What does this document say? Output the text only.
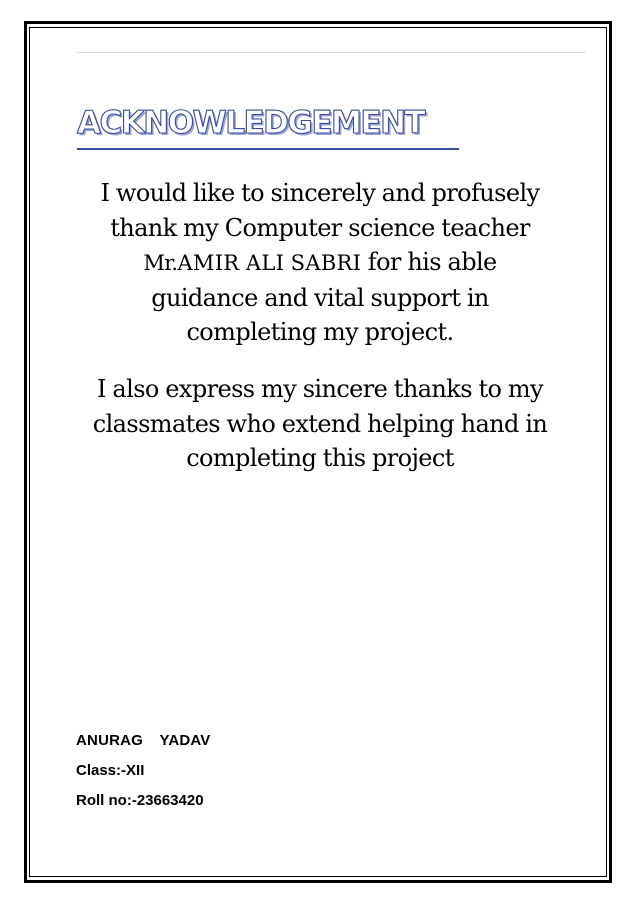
ACKNOWLEDGEMENT

I would like to sincerely and profusely
thank my Computer science teacher
Mr.AMIR ALI SABRI for his able
guidance and vital support in
completing my project.

I also express my sincere thanks to my
classmates who extend helping hand in
completing this project

ANURAG  YADAV

Class:-XII

Roll no:-23663420
